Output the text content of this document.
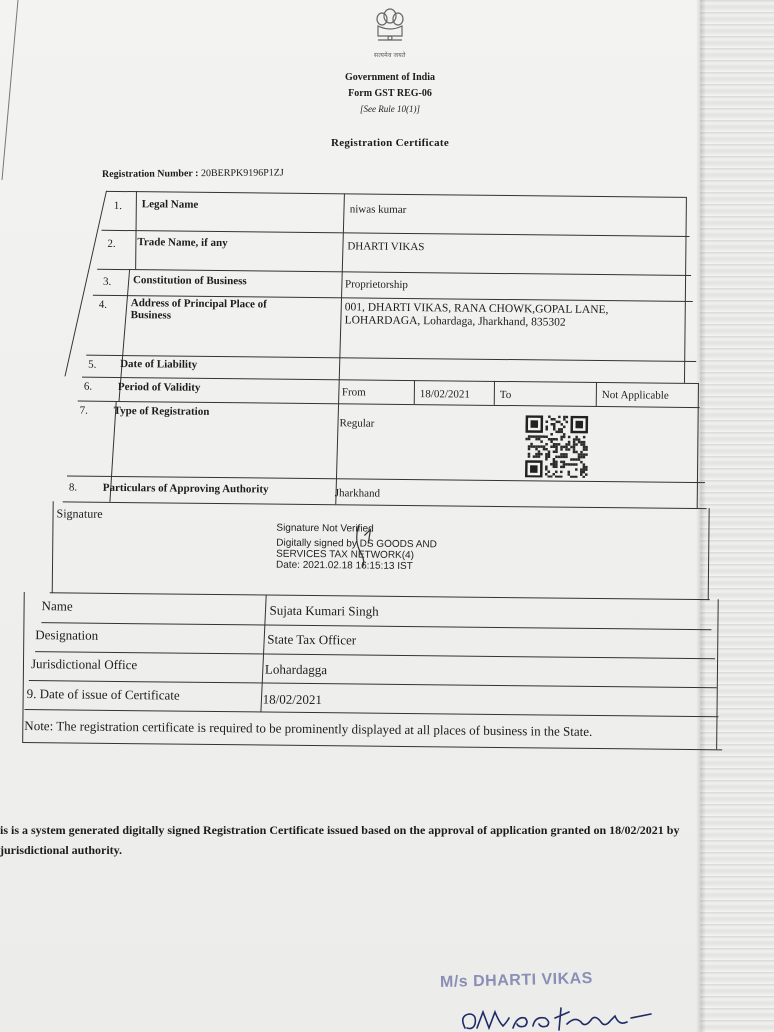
सत्यमेव जयते
Government of India
Form GST REG-06
[See Rule 10(1)]
Registration Certificate
Registration Number : 20BERPK9196P1ZJ
1. Legal Name	niwas kumar
2. Trade Name, if any	DHARTI VIKAS
3. Constitution of Business	Proprietorship
4. Address of Principal Place of
Business	001, DHARTI VIKAS, RANA CHOWK,GOPAL LANE,
LOHARDAGA, Lohardaga, Jharkhand, 835302
5. Date of Liability
6. Period of Validity	From	18/02/2021	To	Not Applicable
7. Type of Registration
Regular
8. Particulars of Approving Authority	Jharkhand
Signature
Signature Not Verified
Digitally signed by DS GOODS AND
SERVICES TAX NETWORK(4)
Date: 2021.02.18 16:15:13 IST
Name	Sujata Kumari Singh
Designation	State Tax Officer
Jurisdictional Office	Lohardagga
9. Date of issue of Certificate	18/02/2021
Note: The registration certificate is required to be prominently displayed at all places of business in the State.
is is a system generated digitally signed Registration Certificate issued based on the approval of application granted on 18/02/2021 by
jurisdictional authority.
M/s DHARTI VIKAS
